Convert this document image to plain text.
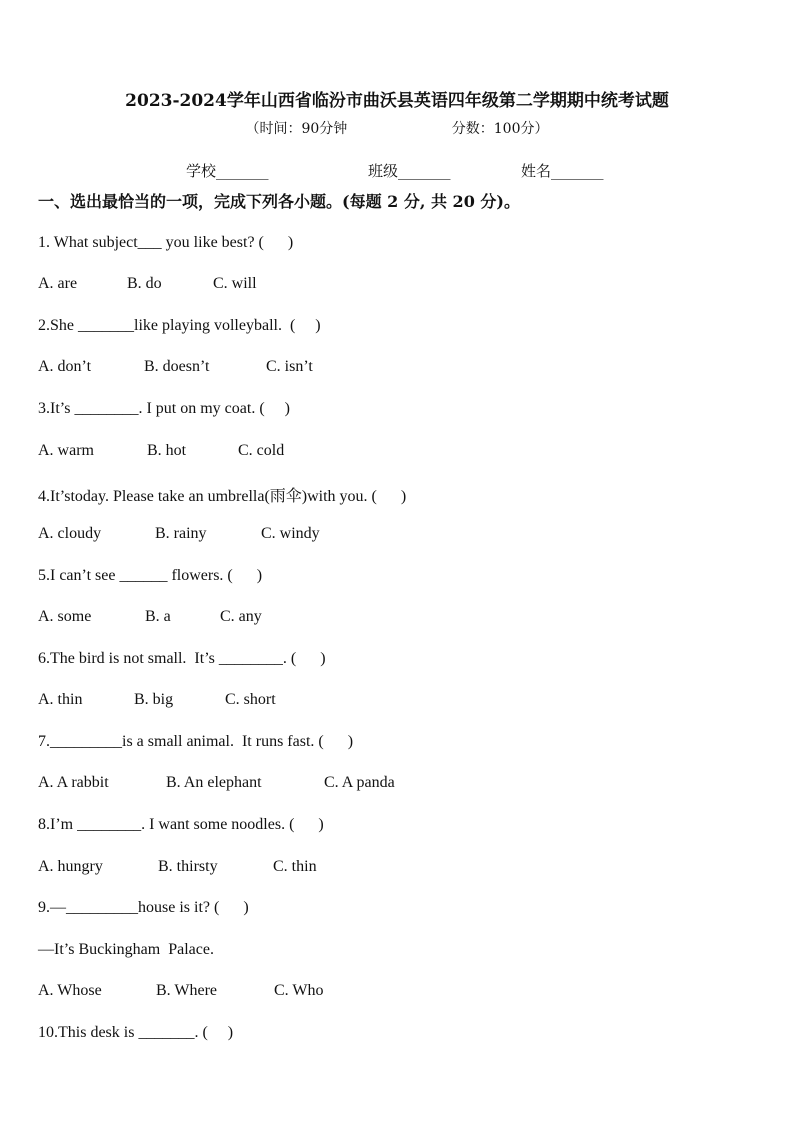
2023-2024学年山西省临汾市曲沃县英语四年级第二学期期中统考试题
（时间：90分钟	分数：100分）
学校_______	班级_______	姓名_______
一、选出最恰当的一项，完成下列各小题。(每题 2 分, 共 20 分)。
1. What subject___ you like best? (      )
A. are	B. do	C. will
2.She _______like playing volleyball.  (     )
A. don’t	B. doesn’t	C. isn’t
3.It’s ________. I put on my coat. (     )
A. warm	B. hot	C. cold
4.It’stoday. Please take an umbrella(雨伞)with you. (      )
A. cloudy	B. rainy	C. windy
5.I can’t see ______ flowers. (      )
A. some	B. a	C. any
6.The bird is not small.  It’s ________. (      )
A. thin	B. big	C. short
7._________is a small animal.  It runs fast. (      )
A. A rabbit	B. An elephant	C. A panda
8.I’m ________. I want some noodles. (      )
A. hungry	B. thirsty	C. thin
9.—_________house is it? (      )
—It’s Buckingham  Palace.
A. Whose	B. Where	C. Who
10.This desk is _______. (     )
